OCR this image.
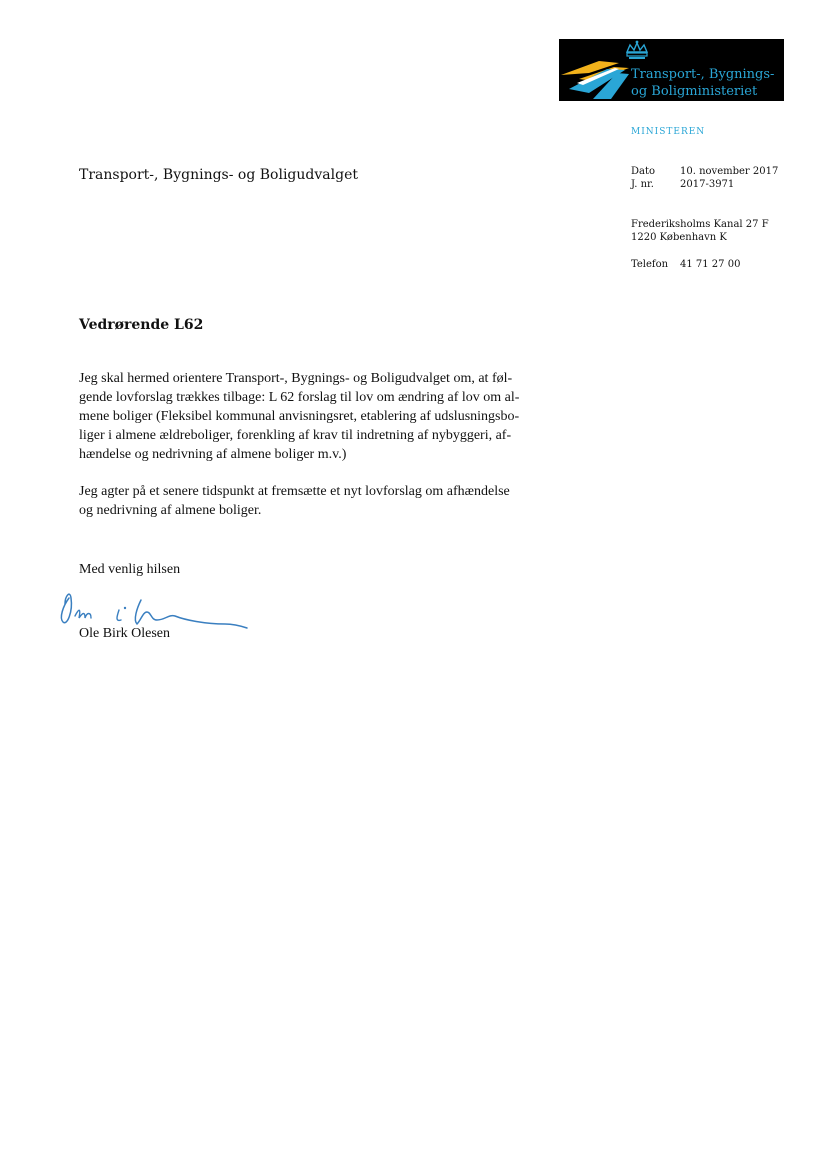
Transport-, Bygnings-
og Boligministeriet
MINISTEREN
Dato 10. november 2017
J. nr.	2017-3971
Frederiksholms Kanal 27 F
1220 København K
Telefon 41 71 27 00
Transport-, Bygnings- og Boligudvalget
Vedrørende L62
Jeg skal hermed orientere Transport-, Bygnings- og Boligudvalget om, at føl-
gende lovforslag trækkes tilbage: L 62 forslag til lov om ændring af lov om al-
mene boliger (Fleksibel kommunal anvisningsret, etablering af udslusningsbo-
liger i almene ældreboliger, forenkling af krav til indretning af nybyggeri, af-
hændelse og nedrivning af almene boliger m.v.)
Jeg agter på et senere tidspunkt at fremsætte et nyt lovforslag om afhændelse
og nedrivning af almene boliger.
Med venlig hilsen
Ole Birk Olesen
